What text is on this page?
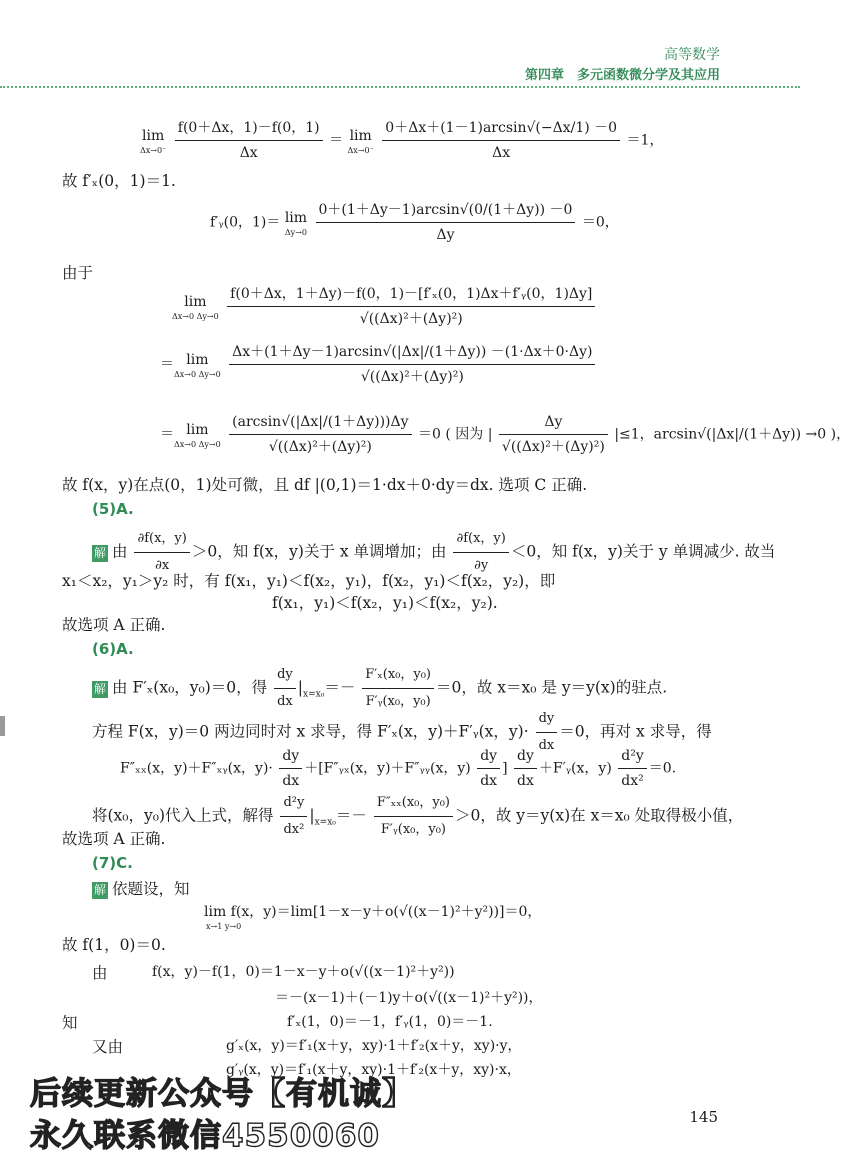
高等数学
第四章　多元函数微分学及其应用
lim
Δx→0⁻
$\frac{f(0+\Delta x,1)-f(0,1)}{\Delta x} = \lim$
Δx→0⁻
$\frac{0+\Delta x+(1-1)\arcsin√(-\Delta x/1) -0}{\Delta x} =1$，
故 f′ₓ(0，1)＝1.
f′ᵧ(0，1)＝ lim
Δy→0
$\frac{0+(1+\Delta y-1)\arcsin√(0/(1+\Delta y)) -0}{\Delta y} =0$，
由于
lim
Δx→0 Δy→0
$\frac{\text{f(0＋Δx，1＋Δy)－f(0，1)－[f′ₓ(0，1)Δx＋f′ᵧ(0，1)Δy]}}{\text{√((Δx)²＋(Δy)²)}}$
＝ lim
Δx→0 Δy→0
$\frac{\Delta x+(1+\Delta y-1)\arcsin√(|\Delta x|/(1+\Delta y)) -(1\cdot\Delta x+0\cdot\Delta y)}{\text{√((Δx)²＋(Δy)²)}}$
＝ lim
Δx→0 Δy→0
$\frac{(\arcsin√(|\Delta x|/(1+\Delta y)))\Delta y}{\text{√((Δx)²＋(Δy)²)}} =0$ ( 因为 | $\frac{\Delta y}{\text{√((Δx)²＋(Δy)²)}} |\le 1$，arcsin√(|Δx|/(1＋Δy)) →0 )，
故 f(x，y)在点(0，1)处可微，且 df |(0,1)＝1·dx＋0·dy＝dx. 选项 C 正确.
(5)A.
解 由 $\frac{\partial f(x,y)}{\partial x} >0$，知 f(x，y)关于 x 单调增加；由 $\frac{\partial f(x,y)}{\partial y} <0$，知 f(x，y)关于 y 单调减少. 故当
x₁＜x₂，y₁＞y₂ 时，有 f(x₁，y₁)＜f(x₂，y₁)，f(x₂，y₁)＜f(x₂，y₂)，即
f(x₁，y₁)＜f(x₂，y₁)＜f(x₂，y₂).
故选项 A 正确.
(6)A.
解 由 F′ₓ(x₀，y₀)＝0，得 $\frac{dy}{dx} |_{x=x_0}=- \frac{\text{F′ₓ(x₀，y₀)}}{\text{F′ᵧ(x₀，y₀)}} =0$，故 x＝x₀ 是 y＝y(x)的驻点.
方程 F(x，y)＝0 两边同时对 x 求导，得 F′ₓ(x，y)＋F′ᵧ(x，$y)\cdot \frac{dy}{dx} =0$，再对 x 求导，得
F″ₓₓ(x，y)＋F″ₓᵧ(x，$y)\cdot \frac{dy}{dx}$ ＋[F″ᵧₓ(x，y)＋F″ᵧᵧ(x，$y) \frac{dy}{dx}$ ] $\frac{dy}{dx}$ ＋F′ᵧ(x，$y) \frac{\text{d²y}}{\text{dx²}} =0$.
将(x₀，y₀)代入上式，解得 $\frac{\text{d²y}}{\text{dx²}} |_{x=x_0}=- \frac{\text{F″ₓₓ(x₀，y₀)}}{\text{F′ᵧ(x₀，y₀)}} >0$，故 y＝y(x)在 x＝x₀ 处取得极小值，
故选项 A 正确.
(7)C.
解 依题设，知
lim f(x，y)＝lim[1－x－y＋o(√((x－1)²＋y²))]＝0，
x→1 y→0
故 f(1，0)＝0.
由	f(x，y)－f(1，0)＝1－x－y＋o(√((x－1)²＋y²))
＝－(x－1)＋(－1)y＋o(√((x－1)²＋y²))，
知	f′ₓ(1，0)＝－1，f′ᵧ(1，0)＝－1.
又由	g′ₓ(x，y)＝f′₁(x＋y，xy)·1＋f′₂(x＋y，xy)·y，
g′ᵧ(x，y)＝f′₁(x＋y，xy)·1＋f′₂(x＋y，xy)·x，
145
后续更新公众号【有机诚】
永久联系微信4550060
